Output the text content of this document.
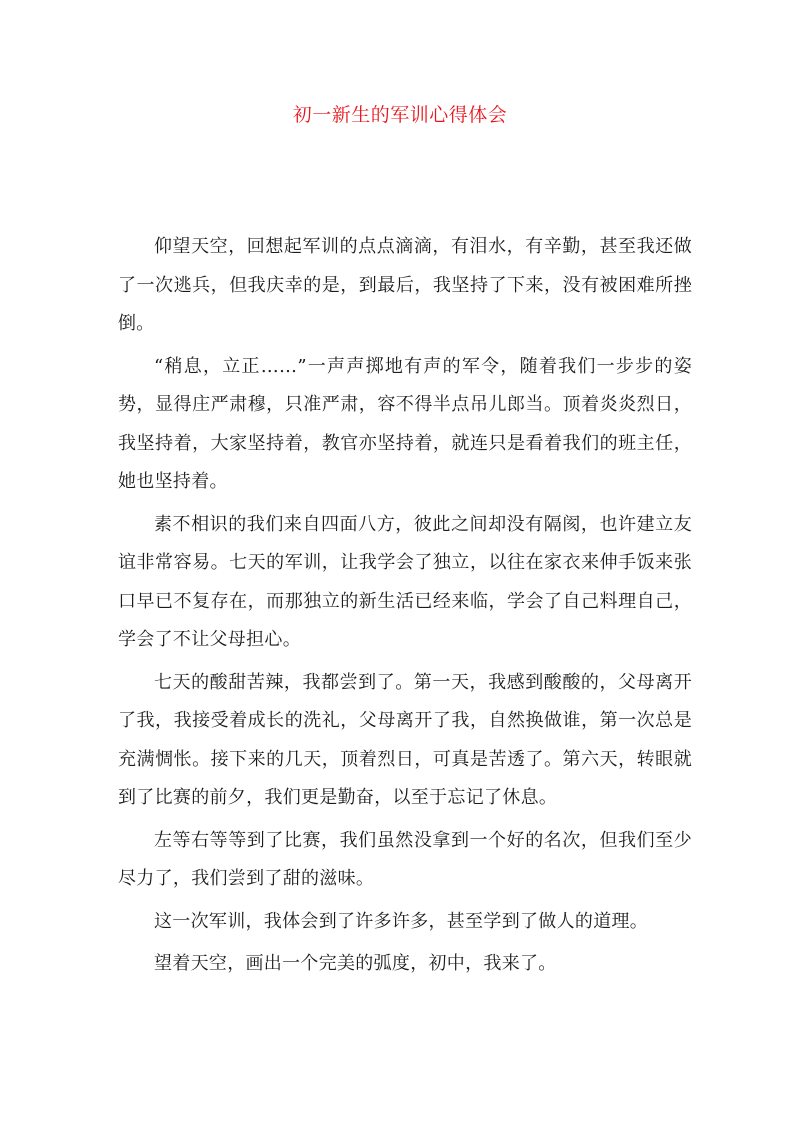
初一新生的军训心得体会

仰望天空，回想起军训的点点滴滴，有泪水，有辛勤，甚至我还做了一次逃兵，但我庆幸的是，到最后，我坚持了下来，没有被困难所挫倒。

“稍息，立正……”一声声掷地有声的军令，随着我们一步步的姿势，显得庄严肃穆，只准严肃，容不得半点吊儿郎当。顶着炎炎烈日，我坚持着，大家坚持着，教官亦坚持着，就连只是看着我们的班主任，她也坚持着。

素不相识的我们来自四面八方，彼此之间却没有隔阂，也许建立友谊非常容易。七天的军训，让我学会了独立，以往在家衣来伸手饭来张口早已不复存在，而那独立的新生活已经来临，学会了自己料理自己，学会了不让父母担心。

七天的酸甜苦辣，我都尝到了。第一天，我感到酸酸的，父母离开了我，我接受着成长的洗礼，父母离开了我，自然换做谁，第一次总是充满惆怅。接下来的几天，顶着烈日，可真是苦透了。第六天，转眼就到了比赛的前夕，我们更是勤奋，以至于忘记了休息。

左等右等等到了比赛，我们虽然没拿到一个好的名次，但我们至少尽力了，我们尝到了甜的滋味。

这一次军训，我体会到了许多许多，甚至学到了做人的道理。

望着天空，画出一个完美的弧度，初中，我来了。
